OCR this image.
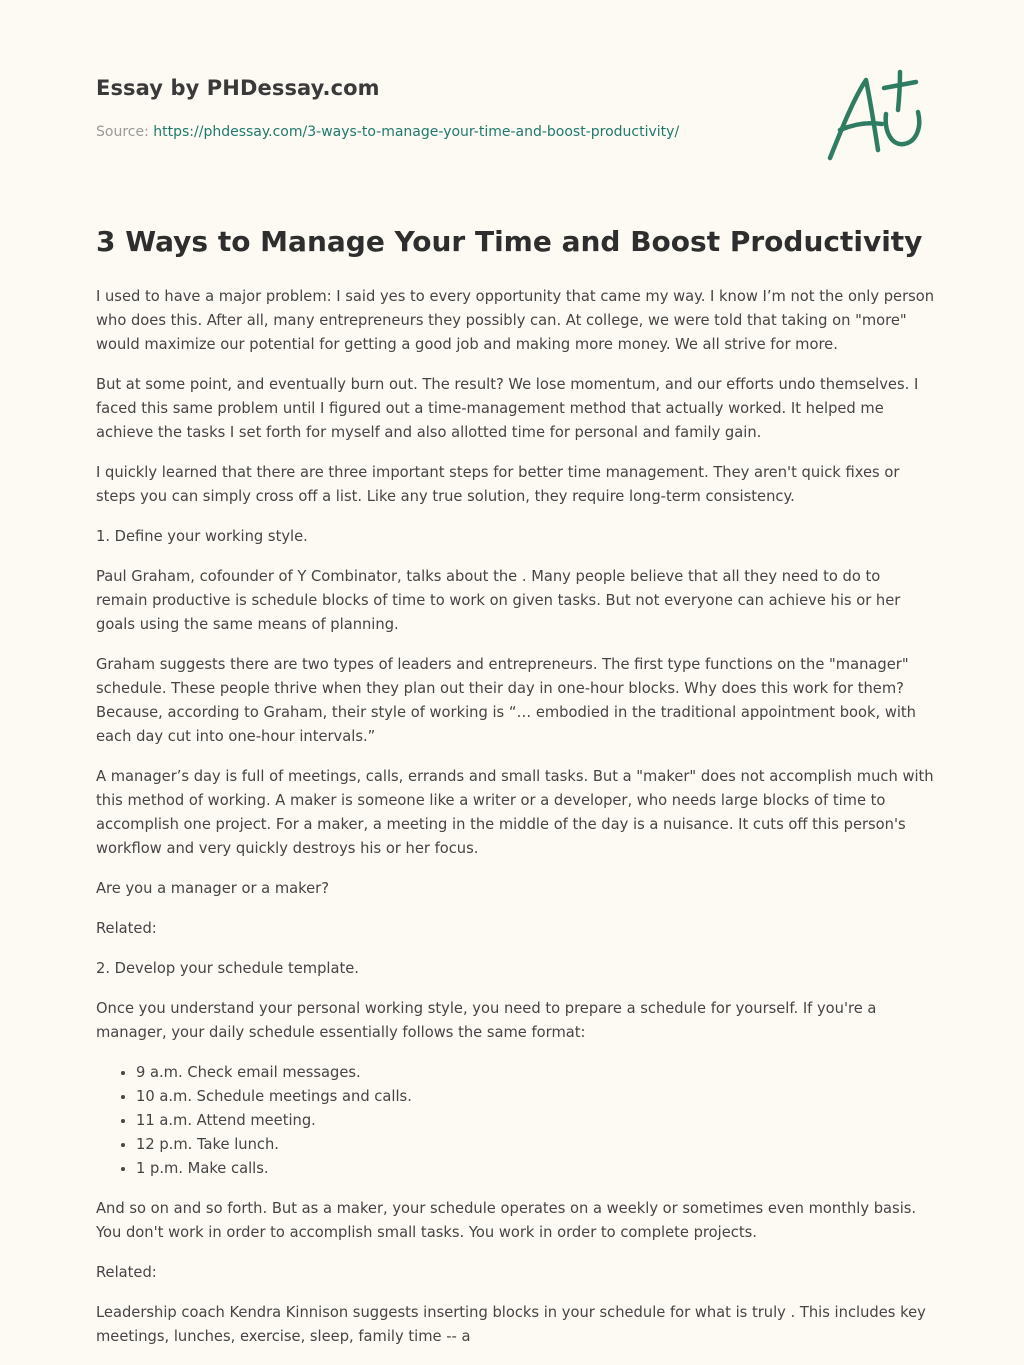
Essay by PHDessay.com
Source: https://phdessay.com/3-ways-to-manage-your-time-and-boost-productivity/
3 Ways to Manage Your Time and Boost Productivity

I used to have a major problem: I said yes to every opportunity that came my way. I know I’m not the only person who does this. After all, many entrepreneurs they possibly can. At college, we were told that taking on "more" would maximize our potential for getting a good job and making more money. We all strive for more.

But at some point, and eventually burn out. The result? We lose momentum, and our efforts undo themselves. I faced this same problem until I figured out a time-management method that actually worked. It helped me achieve the tasks I set forth for myself and also allotted time for personal and family gain.

I quickly learned that there are three important steps for better time management. They aren't quick fixes or steps you can simply cross off a list. Like any true solution, they require long-term consistency.

1. Define your working style.

Paul Graham, cofounder of Y Combinator, talks about the . Many people believe that all they need to do to remain productive is schedule blocks of time to work on given tasks. But not everyone can achieve his or her goals using the same means of planning.

Graham suggests there are two types of leaders and entrepreneurs. The first type functions on the "manager" schedule. These people thrive when they plan out their day in one-hour blocks. Why does this work for them? Because, according to Graham, their style of working is “… embodied in the traditional appointment book, with each day cut into one-hour intervals.”

A manager’s day is full of meetings, calls, errands and small tasks. But a "maker" does not accomplish much with this method of working. A maker is someone like a writer or a developer, who needs large blocks of time to accomplish one project. For a maker, a meeting in the middle of the day is a nuisance. It cuts off this person's workflow and very quickly destroys his or her focus.

Are you a manager or a maker?

Related:

2. Develop your schedule template.

Once you understand your personal working style, you need to prepare a schedule for yourself. If you're a manager, your daily schedule essentially follows the same format:

• 9 a.m. Check email messages.
• 10 a.m. Schedule meetings and calls.
• 11 a.m. Attend meeting.
• 12 p.m. Take lunch.
• 1 p.m. Make calls.

And so on and so forth. But as a maker, your schedule operates on a weekly or sometimes even monthly basis. You don't work in order to accomplish small tasks. You work in order to complete projects.

Related:

Leadership coach Kendra Kinnison suggests inserting blocks in your schedule for what is truly . This includes key meetings, lunches, exercise, sleep, family time -- a
